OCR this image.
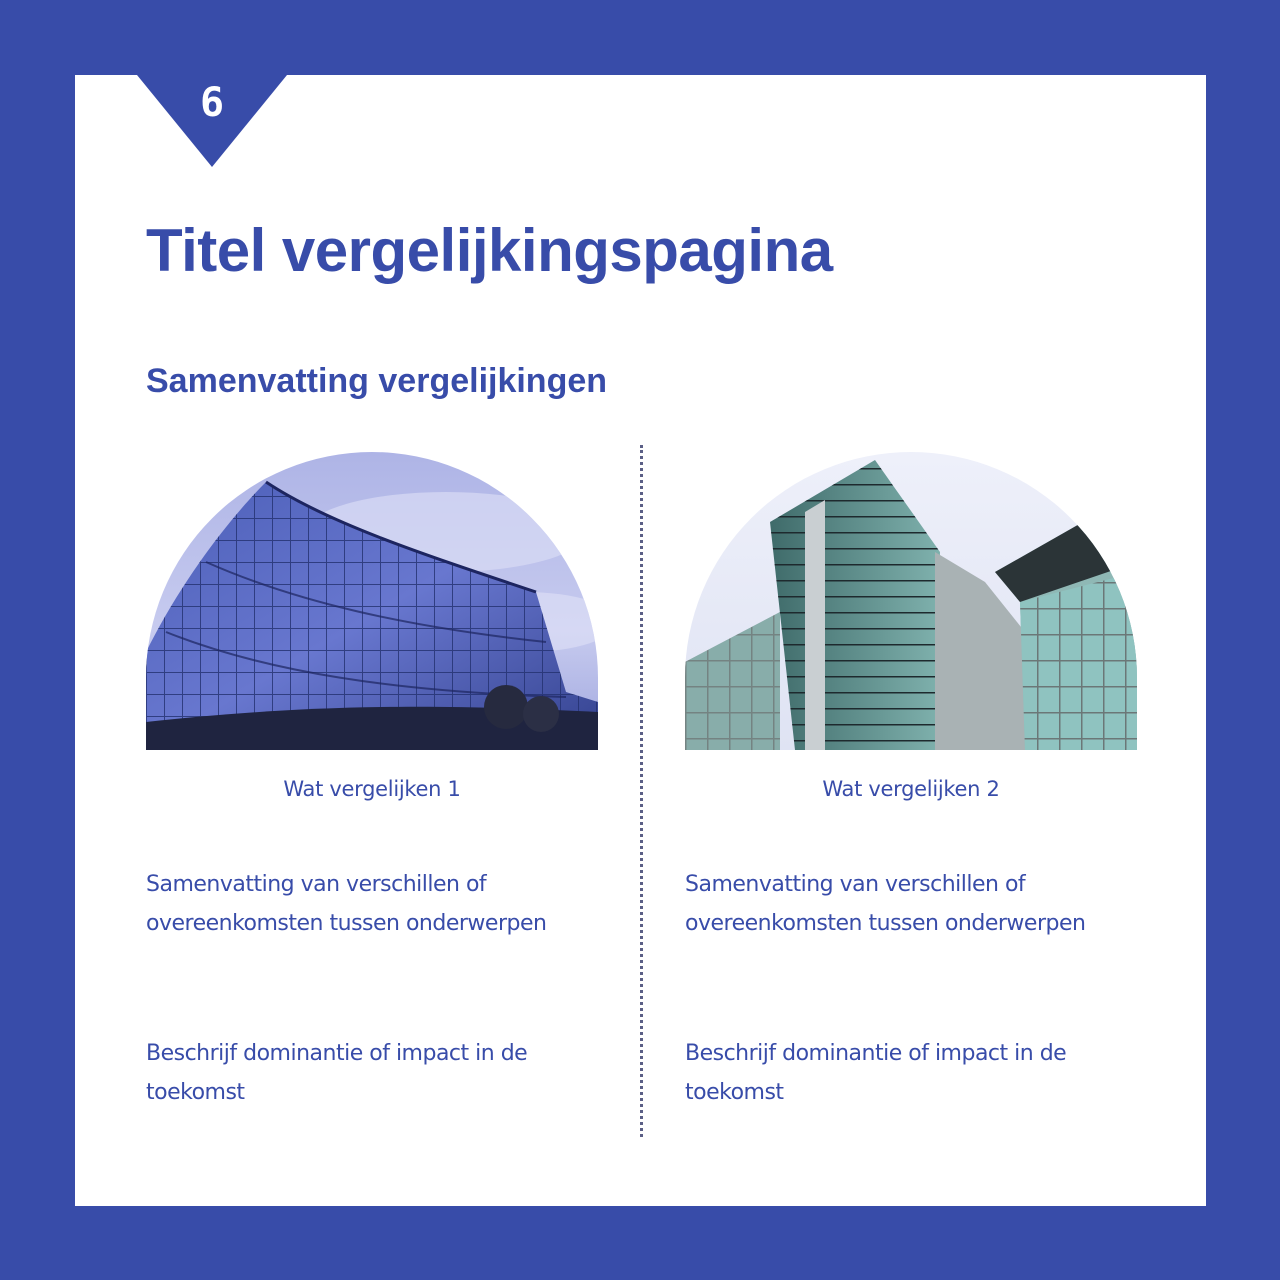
6
Titel vergelijkingspagina
Samenvatting vergelijkingen
Wat vergelijken 1

Samenvatting van verschillen of overeenkomsten tussen onderwerpen

Beschrijf dominantie of impact in de toekomst

Wat vergelijken 2

Samenvatting van verschillen of overeenkomsten tussen onderwerpen

Beschrijf dominantie of impact in de toekomst
